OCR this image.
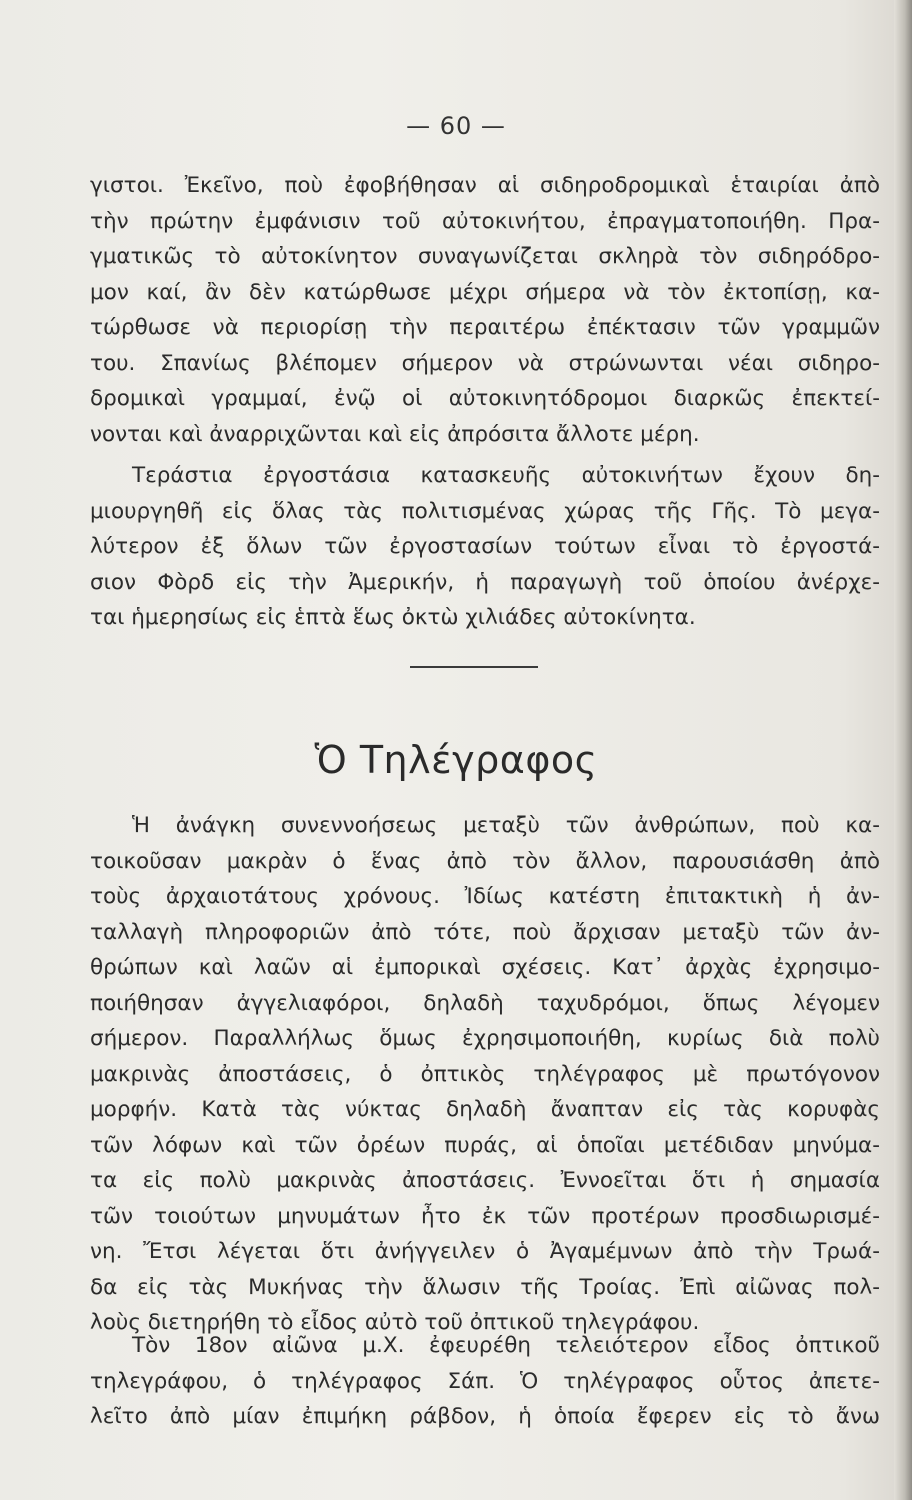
— 60 —
γιστοι. Ἐκεῖνο, ποὺ ἐφοβήθησαν αἱ σιδηροδρομικαὶ ἑταιρίαι ἀπὸ
τὴν πρώτην ἐμφάνισιν τοῦ αὐτοκινήτου, ἐπραγματοποιήθη. Πρα-
γματικῶς τὸ αὐτοκίνητον συναγωνίζεται σκληρὰ τὸν σιδηρόδρο-
μον καί, ἂν δὲν κατώρθωσε μέχρι σήμερα νὰ τὸν ἐκτοπίσῃ, κα-
τώρθωσε νὰ περιορίσῃ τὴν περαιτέρω ἐπέκτασιν τῶν γραμμῶν
του. Σπανίως βλέπομεν σήμερον νὰ στρώνωνται νέαι σιδηρο-
δρομικαὶ γραμμαί, ἐνῷ οἱ αὐτοκινητόδρομοι διαρκῶς ἐπεκτεί-
νονται καὶ ἀναρριχῶνται καὶ εἰς ἀπρόσιτα ἄλλοτε μέρη.
Τεράστια ἐργοστάσια κατασκευῆς αὐτοκινήτων ἔχουν δη-
μιουργηθῆ εἰς ὅλας τὰς πολιτισμένας χώρας τῆς Γῆς. Τὸ μεγα-
λύτερον ἐξ ὅλων τῶν ἐργοστασίων τούτων εἶναι τὸ ἐργοστά-
σιον Φὸρδ εἰς τὴν Ἀμερικήν, ἡ παραγωγὴ τοῦ ὁποίου ἀνέρχε-
ται ἡμερησίως εἰς ἑπτὰ ἕως ὀκτὼ χιλιάδες αὐτοκίνητα.
Ὁ Τηλέγραφος
Ἡ ἀνάγκη συνεννοήσεως μεταξὺ τῶν ἀνθρώπων, ποὺ κα-
τοικοῦσαν μακρὰν ὁ ἕνας ἀπὸ τὸν ἄλλον, παρουσιάσθη ἀπὸ
τοὺς ἀρχαιοτάτους χρόνους. Ἰδίως κατέστη ἐπιτακτικὴ ἡ ἀν-
ταλλαγὴ πληροφοριῶν ἀπὸ τότε, ποὺ ἄρχισαν μεταξὺ τῶν ἀν-
θρώπων καὶ λαῶν αἱ ἐμπορικαὶ σχέσεις. Κατ᾽ ἀρχὰς ἐχρησιμο-
ποιήθησαν ἀγγελιαφόροι, δηλαδὴ ταχυδρόμοι, ὅπως λέγομεν
σήμερον. Παραλλήλως ὅμως ἐχρησιμοποιήθη, κυρίως διὰ πολὺ
μακρινὰς ἀποστάσεις, ὁ ὀπτικὸς τηλέγραφος μὲ πρωτόγονον
μορφήν. Κατὰ τὰς νύκτας δηλαδὴ ἄναπταν εἰς τὰς κορυφὰς
τῶν λόφων καὶ τῶν ὀρέων πυράς, αἱ ὁποῖαι μετέδιδαν μηνύμα-
τα εἰς πολὺ μακρινὰς ἀποστάσεις. Ἐννοεῖται ὅτι ἡ σημασία
τῶν τοιούτων μηνυμάτων ἦτο ἐκ τῶν προτέρων προσδιωρισμέ-
νη. Ἔτσι λέγεται ὅτι ἀνήγγειλεν ὁ Ἀγαμέμνων ἀπὸ τὴν Τρωά-
δα εἰς τὰς Μυκήνας τὴν ἅλωσιν τῆς Τροίας. Ἐπὶ αἰῶνας πολ-
λοὺς διετηρήθη τὸ εἶδος αὐτὸ τοῦ ὀπτικοῦ τηλεγράφου.
Τὸν 18ον αἰῶνα μ.Χ. ἐφευρέθη τελειότερον εἶδος ὀπτικοῦ
τηλεγράφου, ὁ τηλέγραφος Σάπ. Ὁ τηλέγραφος οὗτος ἀπετε-
λεῖτο ἀπὸ μίαν ἐπιμήκη ράβδον, ἡ ὁποία ἔφερεν εἰς τὸ ἄνω
